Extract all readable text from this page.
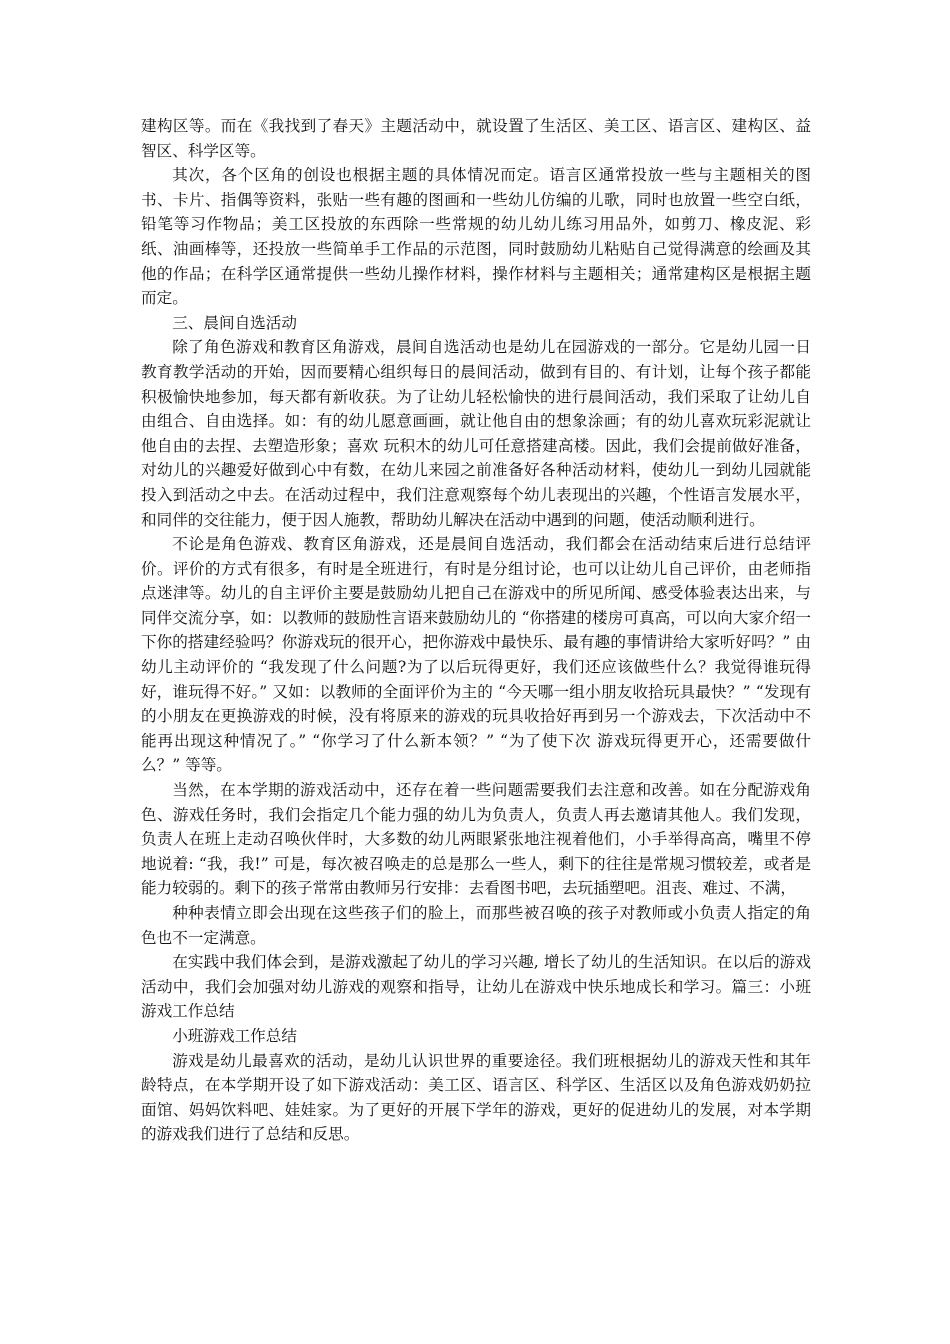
建构区等。而在《我找到了春天》主题活动中，就设置了生活区、美工区、语言区、建构区、益智区、科学区等。

其次，各个区角的创设也根据主题的具体情况而定。语言区通常投放一些与主题相关的图书、卡片、指偶等资料，张贴一些有趣的图画和一些幼儿仿编的儿歌，同时也放置一些空白纸，铅笔等习作物品；美工区投放的东西除一些常规的幼儿幼儿练习用品外，如剪刀、橡皮泥、彩纸、油画棒等，还投放一些简单手工作品的示范图，同时鼓励幼儿粘贴自己觉得满意的绘画及其他的作品；在科学区通常提供一些幼儿操作材料，操作材料与主题相关；通常建构区是根据主题而定。

三、晨间自选活动

除了角色游戏和教育区角游戏，晨间自选活动也是幼儿在园游戏的一部分。它是幼儿园一日教育教学活动的开始，因而要精心组织每日的晨间活动，做到有目的、有计划，让每个孩子都能积极愉快地参加，每天都有新收获。为了让幼儿轻松愉快的进行晨间活动，我们采取了让幼儿自由组合、自由选择。如：有的幼儿愿意画画，就让他自由的想象涂画；有的幼儿喜欢玩彩泥就让他自由的去捏、去塑造形象；喜欢 玩积木的幼儿可任意搭建高楼。因此，我们会提前做好准备，对幼儿的兴趣爱好做到心中有数，在幼儿来园之前准备好各种活动材料，使幼儿一到幼儿园就能投入到活动之中去。在活动过程中，我们注意观察每个幼儿表现出的兴趣，个性语言发展水平，和同伴的交往能力，便于因人施教，帮助幼儿解决在活动中遇到的问题，使活动顺利进行。

不论是角色游戏、教育区角游戏，还是晨间自选活动，我们都会在活动结束后进行总结评价。评价的方式有很多，有时是全班进行，有时是分组讨论，也可以让幼儿自己评价，由老师指点迷津等。幼儿的自主评价主要是鼓励幼儿把自己在游戏中的所见所闻、感受体验表达出来，与同伴交流分享，如：以教师的鼓励性言语来鼓励幼儿的 “你搭建的楼房可真高，可以向大家介绍一下你的搭建经验吗？你游戏玩的很开心，把你游戏中最快乐、最有趣的事情讲给大家听好吗？” 由幼儿主动评价的 “我发现了什么问题?为了以后玩得更好，我们还应该做些什么？我觉得谁玩得好，谁玩得不好。” 又如：以教师的全面评价为主的 “今天哪一组小朋友收拾玩具最快？” “发现有的小朋友在更换游戏的时候，没有将原来的游戏的玩具收拾好再到另一个游戏去，下次活动中不能再出现这种情况了。” “你学习了什么新本领？” “为了使下次 游戏玩得更开心，还需要做什么？” 等等。

当然，在本学期的游戏活动中，还存在着一些问题需要我们去注意和改善。如在分配游戏角色、游戏任务时，我们会指定几个能力强的幼儿为负责人，负责人再去邀请其他人。我们发现，负责人在班上走动召唤伙伴时，大多数的幼儿两眼紧张地注视着他们，小手举得高高，嘴里不停地说着: “我，我!” 可是，每次被召唤走的总是那么一些人，剩下的往往是常规习惯较差，或者是能力较弱的。剩下的孩子常常由教师另行安排：去看图书吧，去玩插塑吧。沮丧、难过、不满，

种种表情立即会出现在这些孩子们的脸上，而那些被召唤的孩子对教师或小负责人指定的角色也不一定满意。

在实践中我们体会到，是游戏激起了幼儿的学习兴趣, 增长了幼儿的生活知识。在以后的游戏活动中，我们会加强对幼儿游戏的观察和指导，让幼儿在游戏中快乐地成长和学习。篇三：小班游戏工作总结

小班游戏工作总结

游戏是幼儿最喜欢的活动，是幼儿认识世界的重要途径。我们班根据幼儿的游戏天性和其年龄特点，在本学期开设了如下游戏活动：美工区、语言区、科学区、生活区以及角色游戏奶奶拉面馆、妈妈饮料吧、娃娃家。为了更好的开展下学年的游戏，更好的促进幼儿的发展，对本学期的游戏我们进行了总结和反思。
